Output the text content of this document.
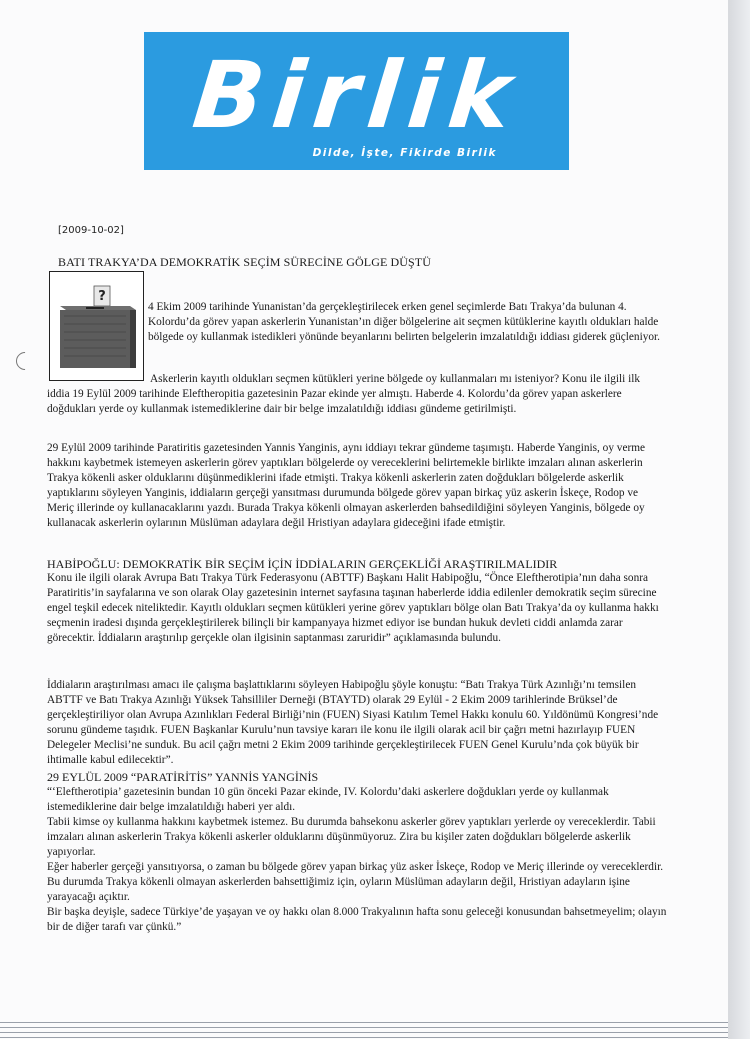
Birlik
Dilde, İşte, Fikirde Birlik
[2009-10-02]
BATI TRAKYA’DA DEMOKRATİK SEÇİM SÜRECİNE GÖLGE DÜŞTÜ
?

4 Ekim 2009 tarihinde Yunanistan’da gerçekleştirilecek erken genel seçimlerde Batı Trakya’da bulunan 4. Kolordu’da görev yapan askerlerin Yunanistan’ın diğer bölgelerine ait seçmen kütüklerine kayıtlı oldukları halde bölgede oy kullanmak istedikleri yönünde beyanlarını belirten belgelerin imzalatıldığı iddiası giderek güçleniyor.

Askerlerin kayıtlı oldukları seçmen kütükleri yerine bölgede oy kullanmaları mı isteniyor? Konu ile ilgili ilk iddia 19 Eylül 2009 tarihinde Eleftheropitia gazetesinin Pazar ekinde yer almıştı. Haberde 4. Kolordu’da görev yapan askerlere doğdukları yerde oy kullanmak istemediklerine dair bir belge imzalatıldığı iddiası gündeme getirilmişti.

29 Eylül 2009 tarihinde Paratiritis gazetesinden Yannis Yanginis, aynı iddiayı tekrar gündeme taşımıştı. Haberde Yanginis, oy verme hakkını kaybetmek istemeyen askerlerin görev yaptıkları bölgelerde oy vereceklerini belirtemekle birlikte imzaları alınan askerlerin Trakya kökenli asker olduklarını düşünmediklerini ifade etmişti. Trakya kökenli askerlerin zaten doğdukları bölgelerde askerlik yaptıklarını söyleyen Yanginis, iddiaların gerçeği yansıtması durumunda bölgede görev yapan birkaç yüz askerin İskeçe, Rodop ve Meriç illerinde oy kullanacaklarını yazdı. Burada Trakya kökenli olmayan askerlerden bahsedildiğini söyleyen Yanginis, bölgede oy kullanacak askerlerin oylarının Müslüman adaylara değil Hristiyan adaylara gideceğini ifade etmiştir.

HABİPOĞLU: DEMOKRATİK BİR SEÇİM İÇİN İDDİALARIN GERÇEKLİĞİ ARAŞTIRILMALIDIR

Konu ile ilgili olarak Avrupa Batı Trakya Türk Federasyonu (ABTTF) Başkanı Halit Habipoğlu, “Önce Eleftherotipia’nın daha sonra Paratiritis’in sayfalarına ve son olarak Olay gazetesinin internet sayfasına taşınan haberlerde iddia edilenler demokratik seçim sürecine engel teşkil edecek niteliktedir. Kayıtlı oldukları seçmen kütükleri yerine görev yaptıkları bölge olan Batı Trakya’da oy kullanma hakkı seçmenin iradesi dışında gerçekleştirilerek bilinçli bir kampanyaya hizmet ediyor ise bundan hukuk devleti ciddi anlamda zarar görecektir. İddiaların araştırılıp gerçekle olan ilgisinin saptanması zaruridir” açıklamasında bulundu.

İddiaların araştırılması amacı ile çalışma başlattıklarını söyleyen Habipoğlu şöyle konuştu: “Batı Trakya Türk Azınlığı’nı temsilen ABTTF ve Batı Trakya Azınlığı Yüksek Tahsilliler Derneği (BTAYTD) olarak 29 Eylül - 2 Ekim 2009 tarihlerinde Brüksel’de gerçekleştiriliyor olan Avrupa Azınlıkları Federal Birliği’nin (FUEN) Siyasi Katılım Temel Hakkı konulu 60. Yıldönümü Kongresi’nde sorunu gündeme taşıdık. FUEN Başkanlar Kurulu’nun tavsiye kararı ile konu ile ilgili olarak acil bir çağrı metni hazırlayıp FUEN Delegeler Meclisi’ne sunduk. Bu acil çağrı metni 2 Ekim 2009 tarihinde gerçekleştirilecek FUEN Genel Kurulu’nda çok büyük bir ihtimalle kabul edilecektir”.

29 EYLÜL 2009 “PARATİRİTİS” YANNİS YANGİNİS

“‘Eleftherotipia’ gazetesinin bundan 10 gün önceki Pazar ekinde, IV. Kolordu’daki askerlere doğdukları yerde oy kullanmak istemediklerine dair belge imzalatıldığı haberi yer aldı.
Tabii kimse oy kullanma hakkını kaybetmek istemez. Bu durumda bahsekonu askerler görev yaptıkları yerlerde oy vereceklerdir. Tabii imzaları alınan askerlerin Trakya kökenli askerler olduklarını düşünmüyoruz. Zira bu kişiler zaten doğdukları bölgelerde askerlik yapıyorlar.
Eğer haberler gerçeği yansıtıyorsa, o zaman bu bölgede görev yapan birkaç yüz asker İskeçe, Rodop ve Meriç illerinde oy vereceklerdir. Bu durumda Trakya kökenli olmayan askerlerden bahsettiğimiz için, oyların Müslüman adayların değil, Hristiyan adayların işine yarayacağı açıktır.
Bir başka deyişle, sadece Türkiye’de yaşayan ve oy hakkı olan 8.000 Trakyalının hafta sonu geleceği konusundan bahsetmeyelim; olayın bir de diğer tarafı var çünkü.”
